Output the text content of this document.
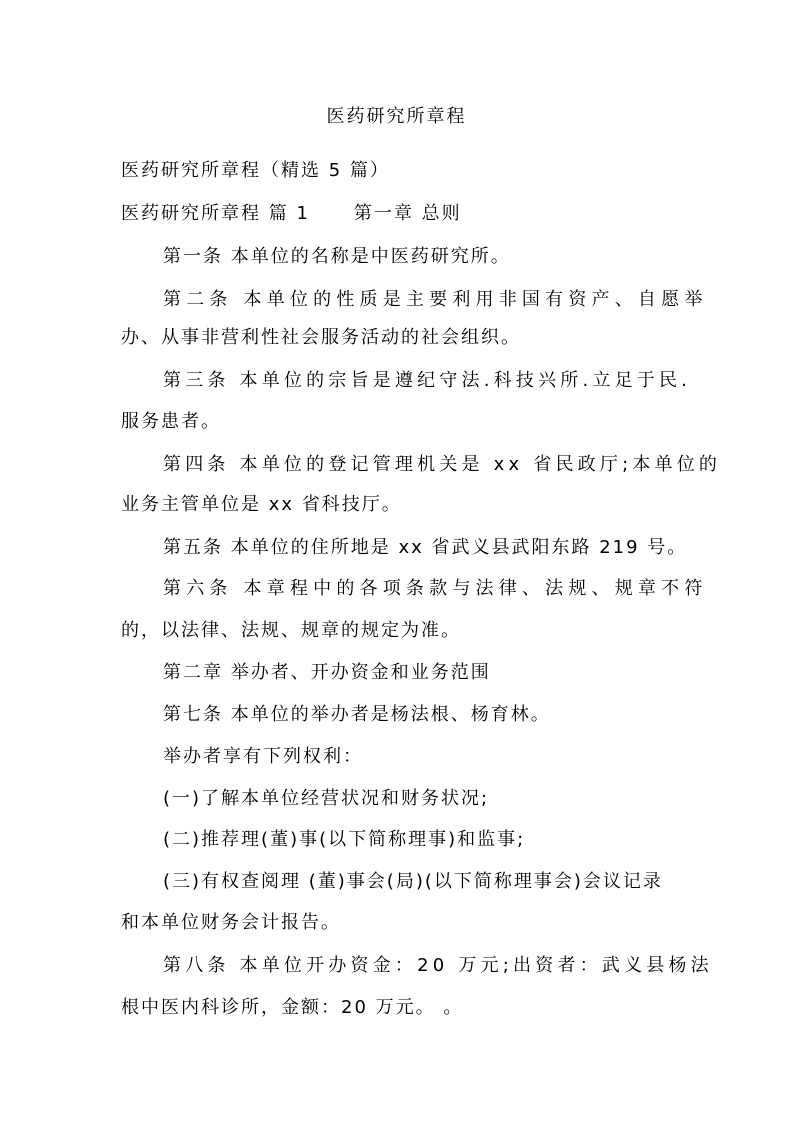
医药研究所章程
医药研究所章程（精选 5 篇）
医药研究所章程 篇 1 第一章 总则
第一条 本单位的名称是中医药研究所。
第二条 本单位的性质是主要利用非国有资产、自愿举
办、从事非营利性社会服务活动的社会组织。
第三条 本单位的宗旨是遵纪守法.科技兴所.立足于民.
服务患者。
第四条 本单位的登记管理机关是 xx 省民政厅;本单位的
业务主管单位是 xx 省科技厅。
第五条 本单位的住所地是 xx 省武义县武阳东路 219 号。
第六条 本章程中的各项条款与法律、法规、规章不符
的，以法律、法规、规章的规定为准。
第二章 举办者、开办资金和业务范围
第七条 本单位的举办者是杨法根、杨育林。
举办者享有下列权利：
(一)了解本单位经营状况和财务状况;
(二)推荐理(董)事(以下简称理事)和监事;
(三)有权查阅理 (董)事会(局)(以下简称理事会)会议记录
和本单位财务会计报告。
第八条 本单位开办资金：20 万元;出资者：武义县杨法
根中医内科诊所，金额：20 万元。 。
